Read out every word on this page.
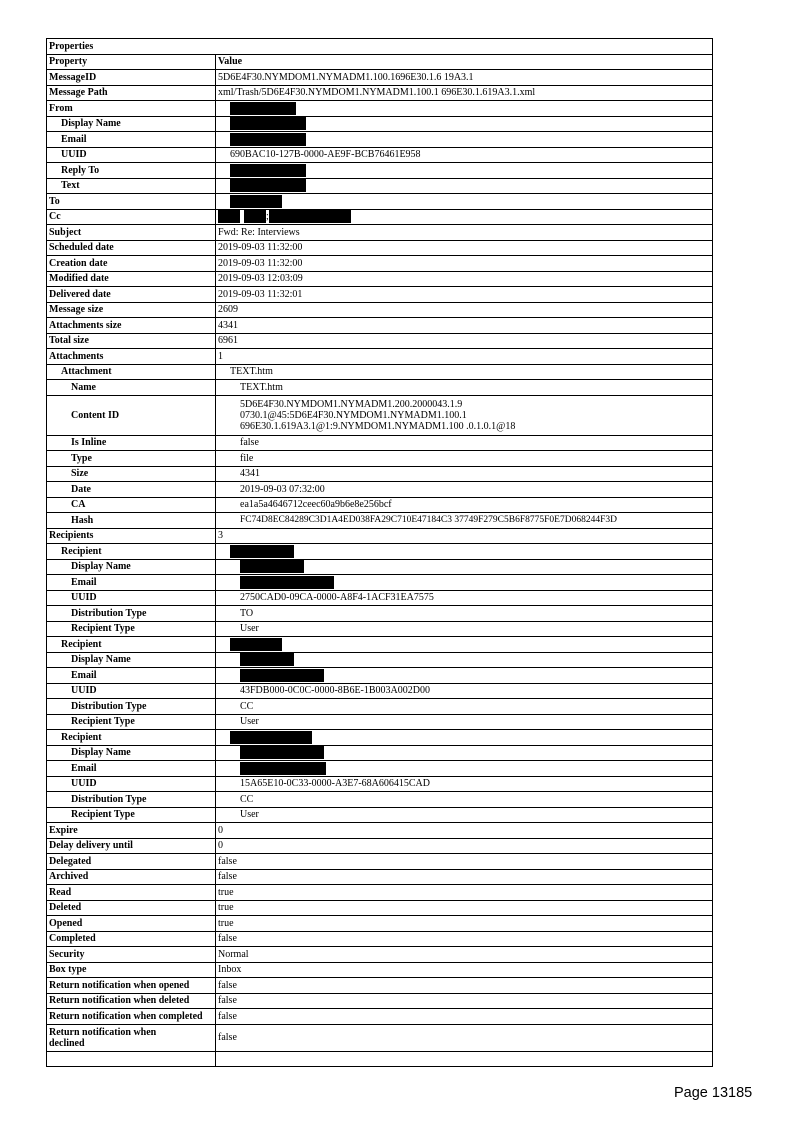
Properties	
Property	Value
MessageID	5D6E4F30.NYMDOM1.NYMADM1.100.1696E30.1.6 19A3.1
Message Path	xml/Trash/5D6E4F30.NYMDOM1.NYMADM1.100.1 696E30.1.619A3.1.xml
From	
Display Name	
Email	
UUID	690BAC10-127B-0000-AE9F-BCB76461E958
Reply To	
Text	
To	
Cc	;
Subject	Fwd: Re: Interviews
Scheduled date	2019-09-03 11:32:00
Creation date	2019-09-03 11:32:00
Modified date	2019-09-03 12:03:09
Delivered date	2019-09-03 11:32:01
Message size	2609
Attachments size	4341
Total size	6961
Attachments	1
Attachment	TEXT.htm
Name	TEXT.htm
Content ID	5D6E4F30.NYMDOM1.NYMADM1.200.2000043.1.9 0730.1@45:5D6E4F30.NYMDOM1.NYMADM1.100.1 696E30.1.619A3.1@1:9.NYMDOM1.NYMADM1.100 .0.1.0.1@18
Is Inline	false
Type	file
Size	4341
Date	2019-09-03 07:32:00
CA	ea1a5a4646712ceec60a9b6e8e256bcf
Hash	FC74D8EC84289C3D1A4ED038FA29C710E47184C3 37749F279C5B6F8775F0E7D068244F3D
Recipients	3
Recipient	
Display Name	
Email	
UUID	2750CAD0-09CA-0000-A8F4-1ACF31EA7575
Distribution Type	TO
Recipient Type	User
Recipient	
Display Name	
Email	
UUID	43FDB000-0C0C-0000-8B6E-1B003A002D00
Distribution Type	CC
Recipient Type	User
Recipient	
Display Name	
Email	
UUID	15A65E10-0C33-0000-A3E7-68A606415CAD
Distribution Type	CC
Recipient Type	User
Expire	0
Delay delivery until	0
Delegated	false
Archived	false
Read	true
Deleted	true
Opened	true
Completed	false
Security	Normal
Box type	Inbox
Return notification when opened	false
Return notification when deleted	false
Return notification when completed	false
Return notification when declined	false

Page 13185
